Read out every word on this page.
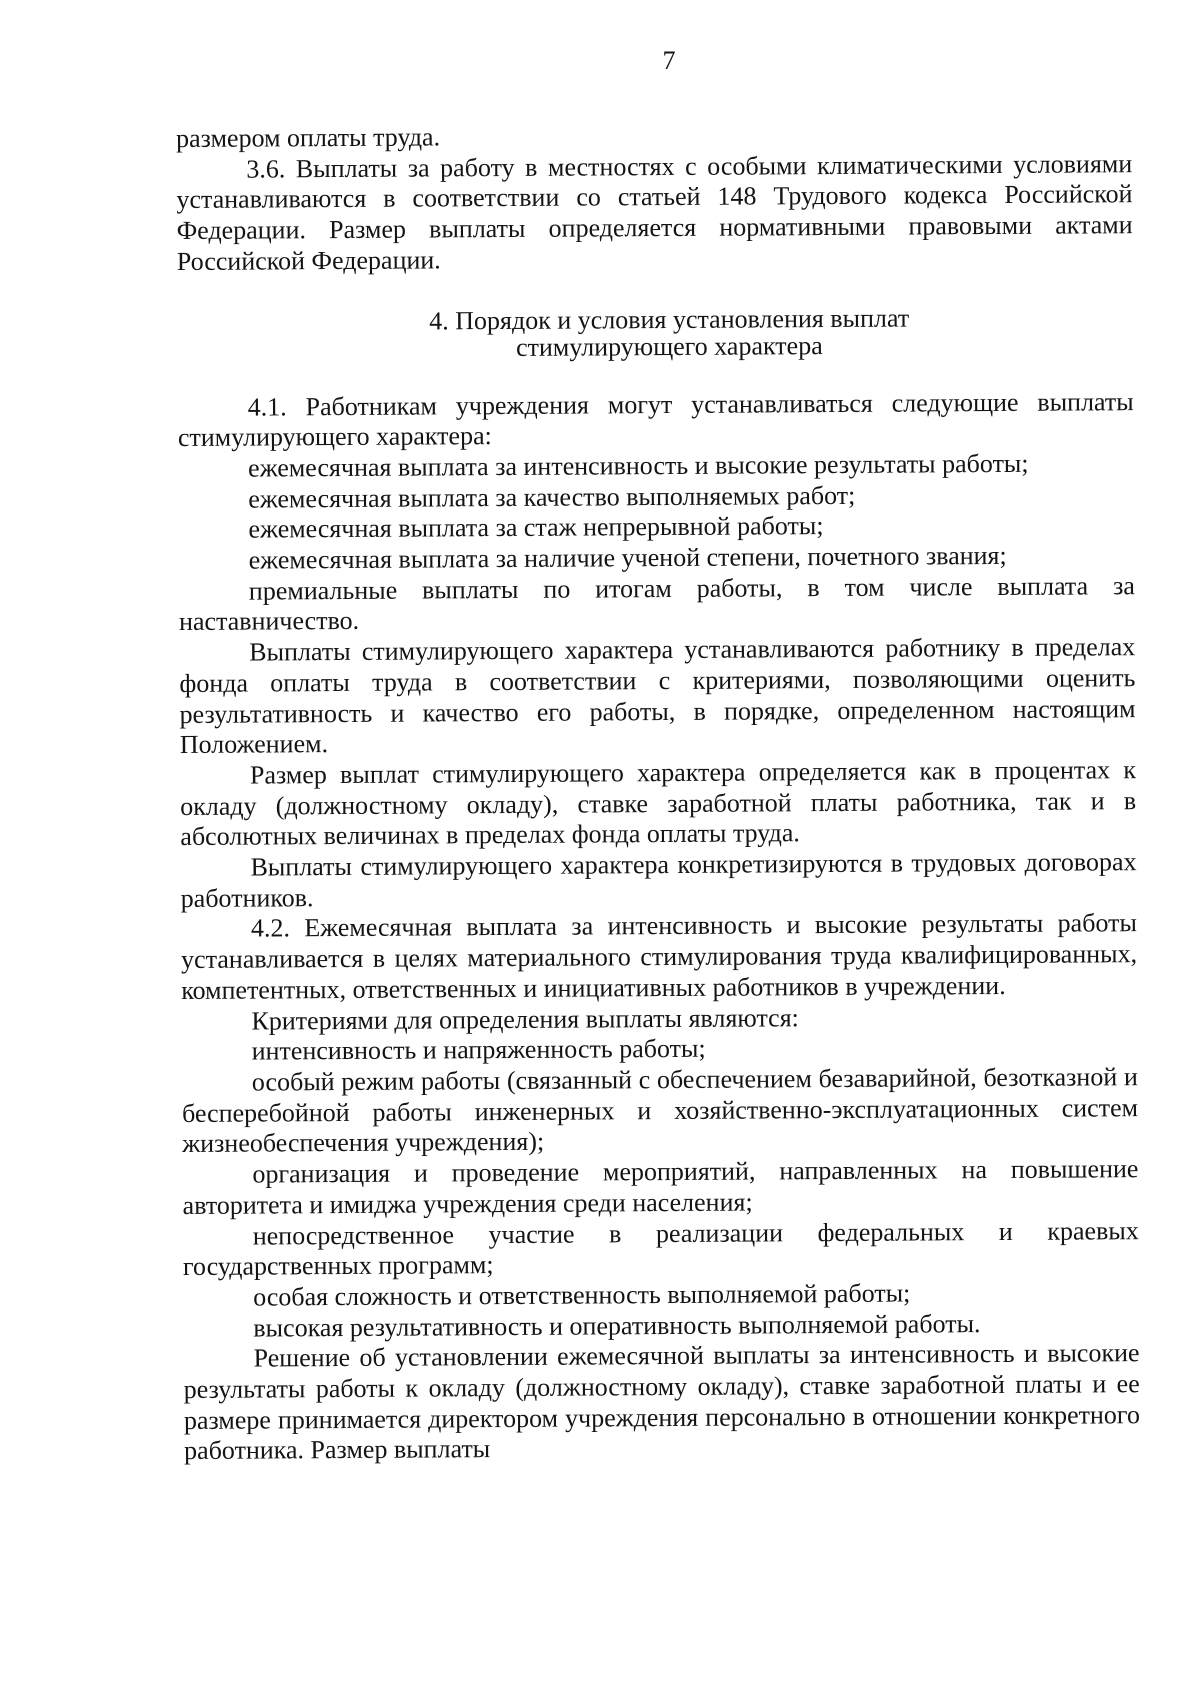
7

размером оплаты труда.

3.6. Выплаты за работу в местностях с особыми климатическими условиями устанавливаются в соответствии со статьей 148 Трудового кодекса Российской Федерации. Размер выплаты определяется нормативными правовыми актами Российской Федерации.

4. Порядок и условия установления выплат
стимулирующего характера

4.1. Работникам учреждения могут устанавливаться следующие выплаты стимулирующего характера:

ежемесячная выплата за интенсивность и высокие результаты работы;
ежемесячная выплата за качество выполняемых работ;
ежемесячная выплата за стаж непрерывной работы;
ежемесячная выплата за наличие ученой степени, почетного звания;
премиальные выплаты по итогам работы, в том числе выплата за наставничество.

Выплаты стимулирующего характера устанавливаются работнику в пределах фонда оплаты труда в соответствии с критериями, позволяющими оценить результативность и качество его работы, в порядке, определенном настоящим Положением.

Размер выплат стимулирующего характера определяется как в процентах к окладу (должностному окладу), ставке заработной платы работника, так и в абсолютных величинах в пределах фонда оплаты труда.

Выплаты стимулирующего характера конкретизируются в трудовых договорах работников.

4.2. Ежемесячная выплата за интенсивность и высокие результаты работы устанавливается в целях материального стимулирования труда квалифицированных, компетентных, ответственных и инициативных работников в учреждении.

Критериями для определения выплаты являются:

интенсивность и напряженность работы;
особый режим работы (связанный с обеспечением безаварийной, безотказной и бесперебойной работы инженерных и хозяйственно-эксплуатационных систем жизнеобеспечения учреждения);
организация и проведение мероприятий, направленных на повышение авторитета и имиджа учреждения среди населения;
непосредственное участие в реализации федеральных и краевых государственных программ;
особая сложность и ответственность выполняемой работы;
высокая результативность и оперативность выполняемой работы.

Решение об установлении ежемесячной выплаты за интенсивность и высокие результаты работы к окладу (должностному окладу), ставке заработной платы и ее размере принимается директором учреждения персонально в отношении конкретного работника. Размер выплаты
